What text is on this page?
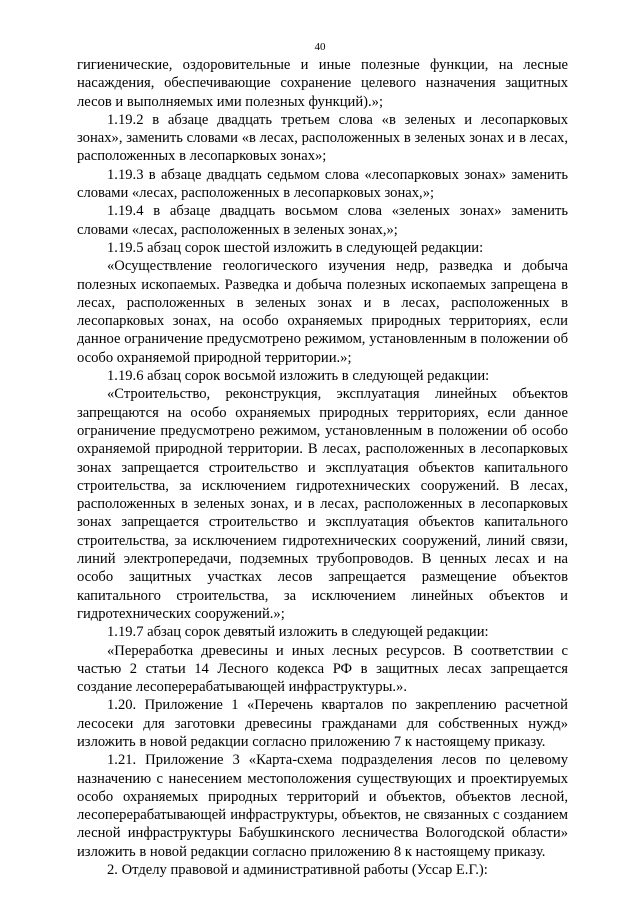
40

гигиенические, оздоровительные и иные полезные функции, на лесные насаждения, обеспечивающие сохранение целевого назначения защитных лесов и выполняемых ими полезных функций).»;

1.19.2 в абзаце двадцать третьем слова «в зеленых и лесопарковых зонах», заменить словами «в лесах, расположенных в зеленых зонах и в лесах, расположенных в лесопарковых зонах»;

1.19.3 в абзаце двадцать седьмом слова «лесопарковых зонах» заменить словами «лесах, расположенных в лесопарковых зонах,»;

1.19.4 в абзаце двадцать восьмом слова «зеленых зонах» заменить словами «лесах, расположенных в зеленых зонах,»;

1.19.5 абзац сорок шестой изложить в следующей редакции:

«Осуществление геологического изучения недр, разведка и добыча полезных ископаемых. Разведка и добыча полезных ископаемых запрещена в лесах, расположенных в зеленых зонах и в лесах, расположенных в лесопарковых зонах, на особо охраняемых природных территориях, если данное ограничение предусмотрено режимом, установленным в положении об особо охраняемой природной территории.»;

1.19.6 абзац сорок восьмой изложить в следующей редакции:

«Строительство, реконструкция, эксплуатация линейных объектов запрещаются на особо охраняемых природных территориях, если данное ограничение предусмотрено режимом, установленным в положении об особо охраняемой природной территории. В лесах, расположенных в лесопарковых зонах запрещается строительство и эксплуатация объектов капитального строительства, за исключением гидротехнических сооружений. В лесах, расположенных в зеленых зонах, и в лесах, расположенных в лесопарковых зонах запрещается строительство и эксплуатация объектов капитального строительства, за исключением гидротехнических сооружений, линий связи, линий электропередачи, подземных трубопроводов. В ценных лесах и на особо защитных участках лесов запрещается размещение объектов капитального строительства, за исключением линейных объектов и гидротехнических сооружений.»;

1.19.7 абзац сорок девятый изложить в следующей редакции:

«Переработка древесины и иных лесных ресурсов. В соответствии с частью 2 статьи 14 Лесного кодекса РФ в защитных лесах запрещается создание лесоперерабатывающей инфраструктуры.».

1.20. Приложение 1 «Перечень кварталов по закреплению расчетной лесосеки для заготовки древесины гражданами для собственных нужд» изложить в новой редакции согласно приложению 7 к настоящему приказу.

1.21. Приложение 3 «Карта-схема подразделения лесов по целевому назначению с нанесением местоположения существующих и проектируемых особо охраняемых природных территорий и объектов, объектов лесной, лесоперерабатывающей инфраструктуры, объектов, не связанных с созданием лесной инфраструктуры Бабушкинского лесничества Вологодской области» изложить в новой редакции согласно приложению 8 к настоящему приказу.

2. Отделу правовой и административной работы (Уссар Е.Г.):
